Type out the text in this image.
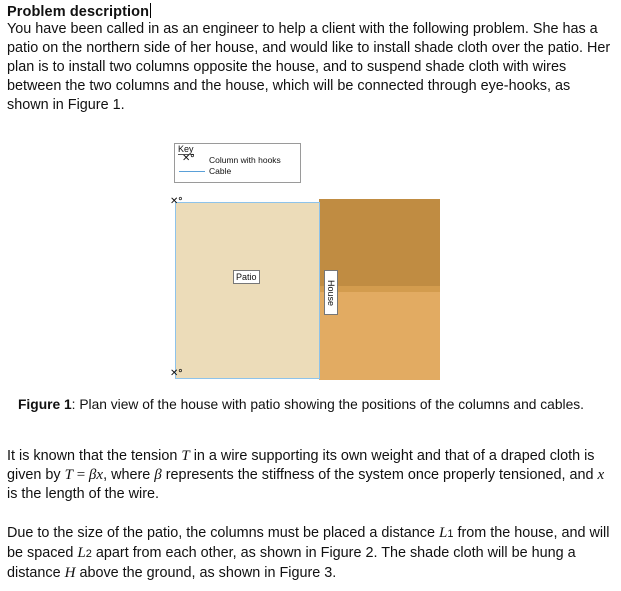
Problem description

You have been called in as an engineer to help a client with the following problem. She has a patio on the northern side of her house, and would like to install shade cloth over the patio. Her plan is to install two columns opposite the house, and to suspend shade cloth with wires between the two columns and the house, which will be connected through eye-hooks, as shown in Figure 1.

Key
✕° Column with hooks
Cable
Patio
House
✕°
✕°

Figure 1: Plan view of the house with patio showing the positions of the columns and cables.

It is known that the tension T in a wire supporting its own weight and that of a draped cloth is given by T = βx, where β represents the stiffness of the system once properly tensioned, and x is the length of the wire.

Due to the size of the patio, the columns must be placed a distance L1 from the house, and will be spaced L2 apart from each other, as shown in Figure 2. The shade cloth will be hung a distance H above the ground, as shown in Figure 3.
